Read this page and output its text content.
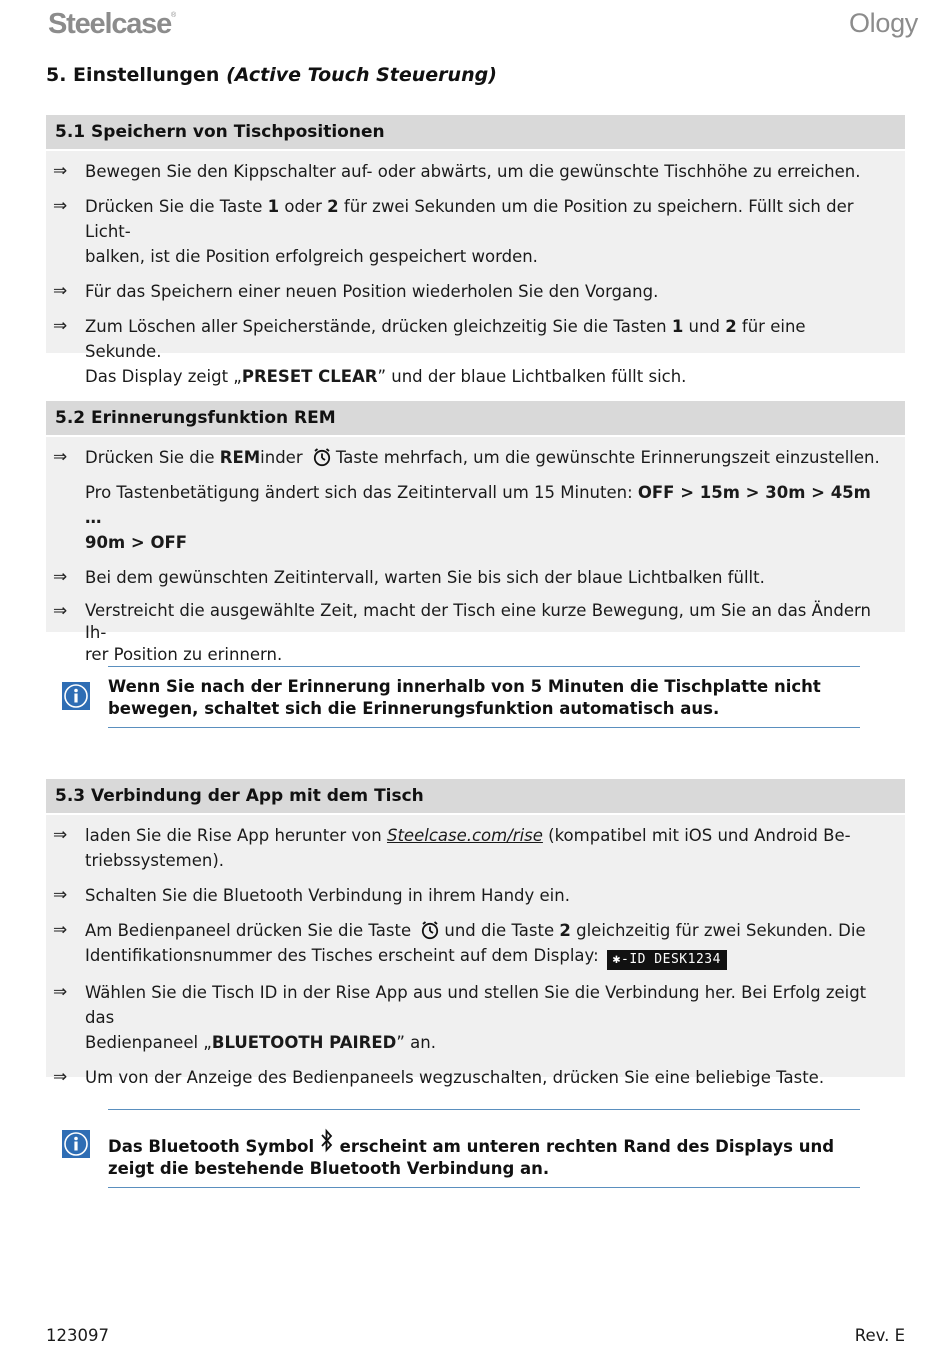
Steelcase®	Ology
5. Einstellungen (Active Touch Steuerung)
5.1 Speichern von Tischpositionen
⇒ Bewegen Sie den Kippschalter auf- oder abwärts, um die gewünschte Tischhöhe zu erreichen.
⇒ Drücken Sie die Taste 1 oder 2 für zwei Sekunden um die Position zu speichern. Füllt sich der Licht-
balken, ist die Position erfolgreich gespeichert worden.
⇒ Für das Speichern einer neuen Position wiederholen Sie den Vorgang.
⇒ Zum Löschen aller Speicherstände, drücken gleichzeitig Sie die Tasten 1 und 2 für eine Sekunde.
Das Display zeigt „PRESET CLEAR” und der blaue Lichtbalken füllt sich.
5.2 Erinnerungsfunktion REM
⇒ Drücken Sie die REMinder Taste mehrfach, um die gewünschte Erinnerungszeit einzustellen.
Pro Tastenbetätigung ändert sich das Zeitintervall um 15 Minuten: OFF > 15m > 30m > 45m …
90m > OFF
⇒ Bei dem gewünschten Zeitintervall, warten Sie bis sich der blaue Lichtbalken füllt.
⇒ Verstreicht die ausgewählte Zeit, macht der Tisch eine kurze Bewegung, um Sie an das Ändern Ih-
rer Position zu erinnern.
Wenn Sie nach der Erinnerung innerhalb von 5 Minuten die Tischplatte nicht
bewegen, schaltet sich die Erinnerungsfunktion automatisch aus.
5.3 Verbindung der App mit dem Tisch
⇒ laden Sie die Rise App herunter von Steelcase.com/rise (kompatibel mit iOS und Android Be-
triebssystemen).
⇒ Schalten Sie die Bluetooth Verbindung in ihrem Handy ein.
⇒ Am Bedienpaneel drücken Sie die Taste und die Taste 2 gleichzeitig für zwei Sekunden. Die
Identifikationsnummer des Tisches erscheint auf dem Display: ✱-ID DESK1234
⇒ Wählen Sie die Tisch ID in der Rise App aus und stellen Sie die Verbindung her. Bei Erfolg zeigt das
Bedienpaneel „BLUETOOTH PAIRED” an.
⇒ Um von der Anzeige des Bedienpaneels wegzuschalten, drücken Sie eine beliebige Taste.
Das Bluetooth Symbol  erscheint am unteren rechten Rand des Displays und
zeigt die bestehende Bluetooth Verbindung an.
123097	Rev. E
